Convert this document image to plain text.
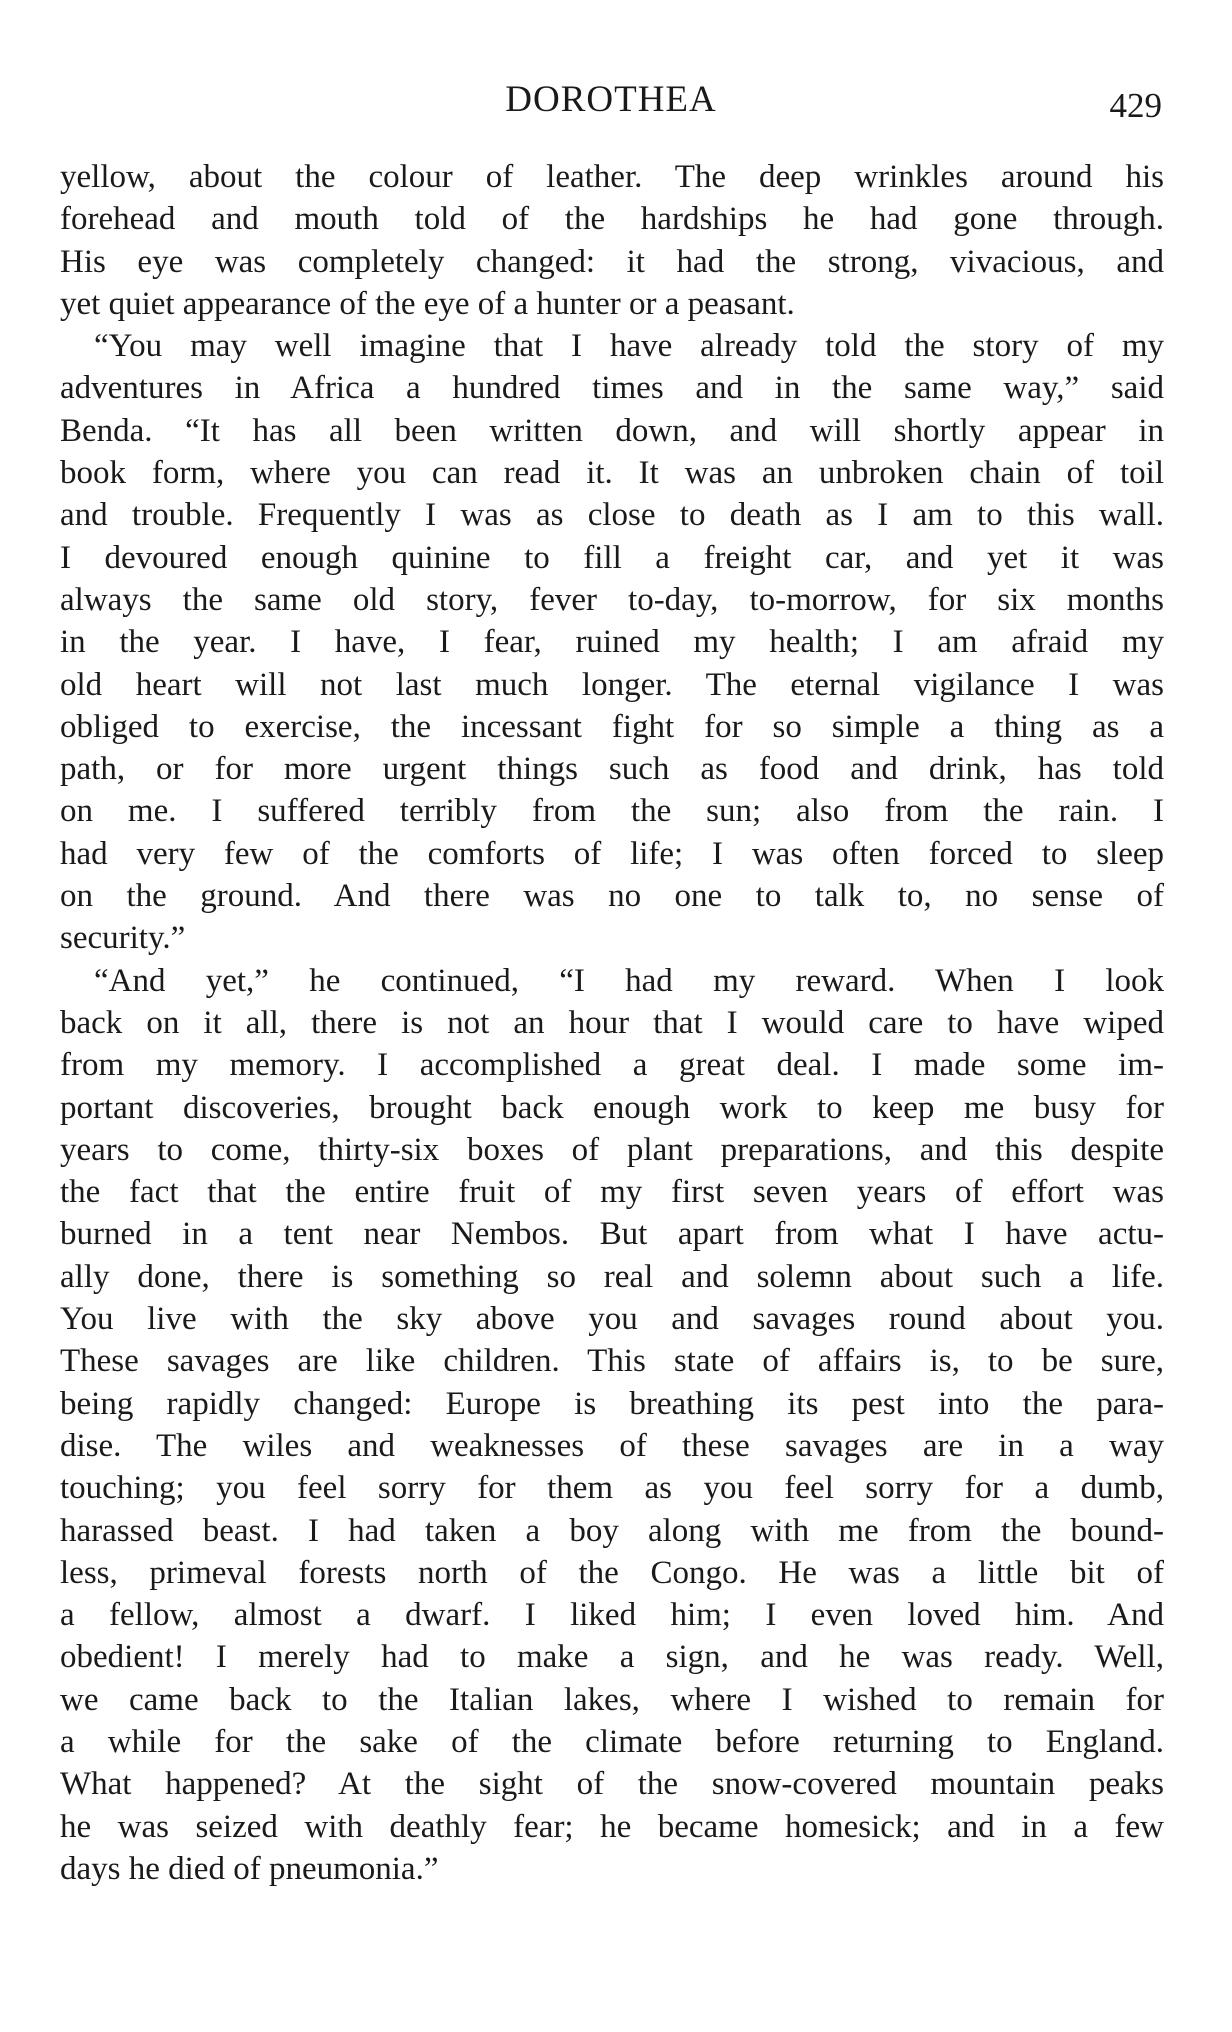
DOROTHEA	429
yellow, about the colour of leather. The deep wrinkles around his
forehead and mouth told of the hardships he had gone through.
His eye was completely changed: it had the strong, vivacious, and
yet quiet appearance of the eye of a hunter or a peasant.
“You may well imagine that I have already told the story of my
adventures in Africa a hundred times and in the same way,” said
Benda. “It has all been written down, and will shortly appear in
book form, where you can read it. It was an unbroken chain of toil
and trouble. Frequently I was as close to death as I am to this wall.
I devoured enough quinine to fill a freight car, and yet it was
always the same old story, fever to-day, to-morrow, for six months
in the year. I have, I fear, ruined my health; I am afraid my
old heart will not last much longer. The eternal vigilance I was
obliged to exercise, the incessant fight for so simple a thing as a
path, or for more urgent things such as food and drink, has told
on me. I suffered terribly from the sun; also from the rain. I
had very few of the comforts of life; I was often forced to sleep
on the ground. And there was no one to talk to, no sense of
security.”
“And yet,” he continued, “I had my reward. When I look
back on it all, there is not an hour that I would care to have wiped
from my memory. I accomplished a great deal. I made some im-
portant discoveries, brought back enough work to keep me busy for
years to come, thirty-six boxes of plant preparations, and this despite
the fact that the entire fruit of my first seven years of effort was
burned in a tent near Nembos. But apart from what I have actu-
ally done, there is something so real and solemn about such a life.
You live with the sky above you and savages round about you.
These savages are like children. This state of affairs is, to be sure,
being rapidly changed: Europe is breathing its pest into the para-
dise. The wiles and weaknesses of these savages are in a way
touching; you feel sorry for them as you feel sorry for a dumb,
harassed beast. I had taken a boy along with me from the bound-
less, primeval forests north of the Congo. He was a little bit of
a fellow, almost a dwarf. I liked him; I even loved him. And
obedient! I merely had to make a sign, and he was ready. Well,
we came back to the Italian lakes, where I wished to remain for
a while for the sake of the climate before returning to England.
What happened? At the sight of the snow-covered mountain peaks
he was seized with deathly fear; he became homesick; and in a few
days he died of pneumonia.”
